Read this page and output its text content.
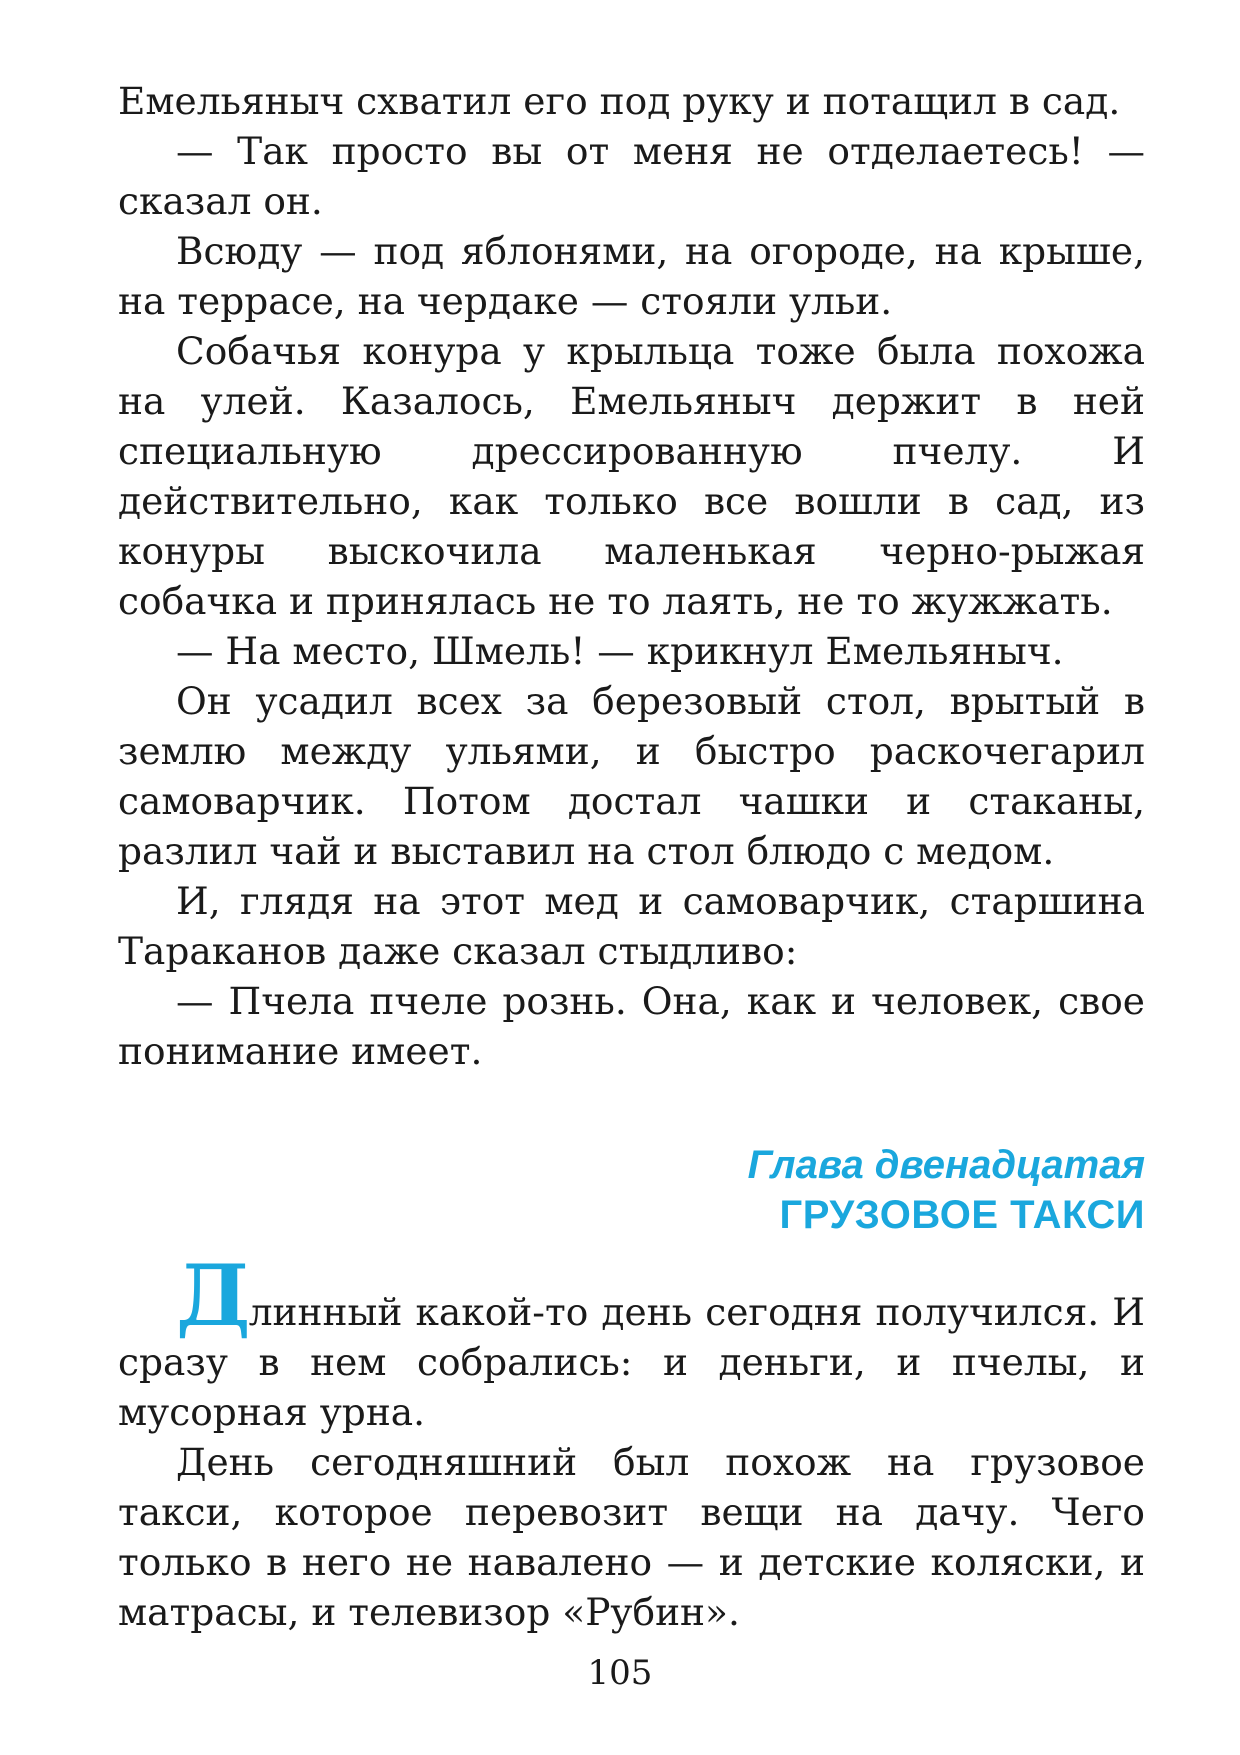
Емельяныч схватил его под руку и потащил в сад.

— Так просто вы от меня не отделаетесь! — сказал он.

Всюду — под яблонями, на огороде, на крыше, на террасе, на чердаке — стояли ульи.

Собачья конура у крыльца тоже была похожа на улей. Казалось, Емельяныч держит в ней специальную дрессированную пчелу. И действительно, как только все вошли в сад, из конуры выскочила маленькая черно-рыжая собачка и принялась не то лаять, не то жужжать.

— На место, Шмель! — крикнул Емельяныч.

Он усадил всех за березовый стол, врытый в землю между ульями, и быстро раскочегарил самоварчик. Потом достал чашки и стаканы, разлил чай и выставил на стол блюдо с медом.

И, глядя на этот мед и самоварчик, старшина Тараканов даже сказал стыдливо:

— Пчела пчеле рознь. Она, как и человек, свое понимание имеет.

Глава двенадцатая
ГРУЗОВОЕ ТАКСИ

Длинный какой-то день сегодня получился. И сразу в нем собрались: и деньги, и пчелы, и мусорная урна.

День сегодняшний был похож на грузовое такси, которое перевозит вещи на дачу. Чего только в него не навалено — и детские коляски, и матрасы, и телевизор «Рубин».

105
